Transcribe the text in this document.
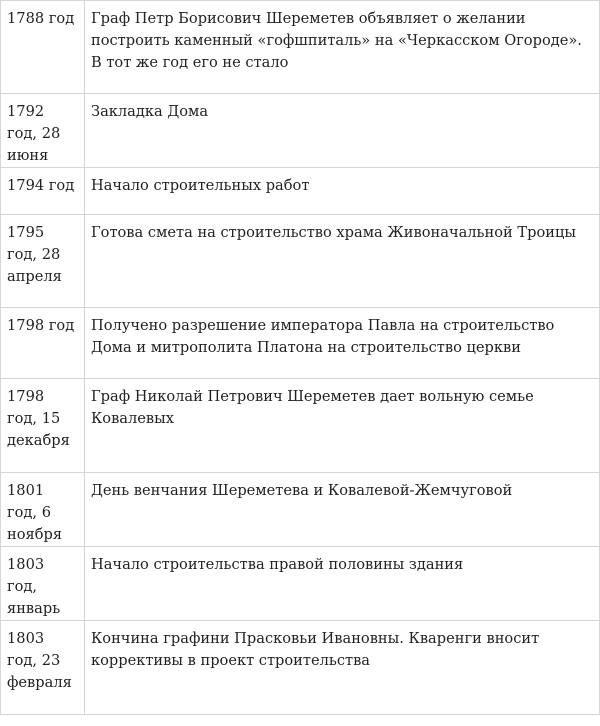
1788 год	Граф Петр Борисович Шереметев объявляет о желании построить каменный «гофшпиталь» на «Черкасском Огороде». В тот же год его не стало
1792 год, 28 июня	Закладка Дома
1794 год	Начало строительных работ
1795 год, 28 апреля	Готова смета на строительство храма Живоначальной Троицы
1798 год	Получено разрешение императора Павла на строительство Дома и митрополита Платона на строительство церкви
1798 год, 15 декабря	Граф Николай Петрович Шереметев дает вольную семье Ковалевых
1801 год, 6 ноября	День венчания Шереметева и Ковалевой-Жемчуговой
1803 год, январь	Начало строительства правой половины здания
1803 год, 23 февраля	Кончина графини Прасковьи Ивановны. Кваренги вносит коррективы в проект строительства
